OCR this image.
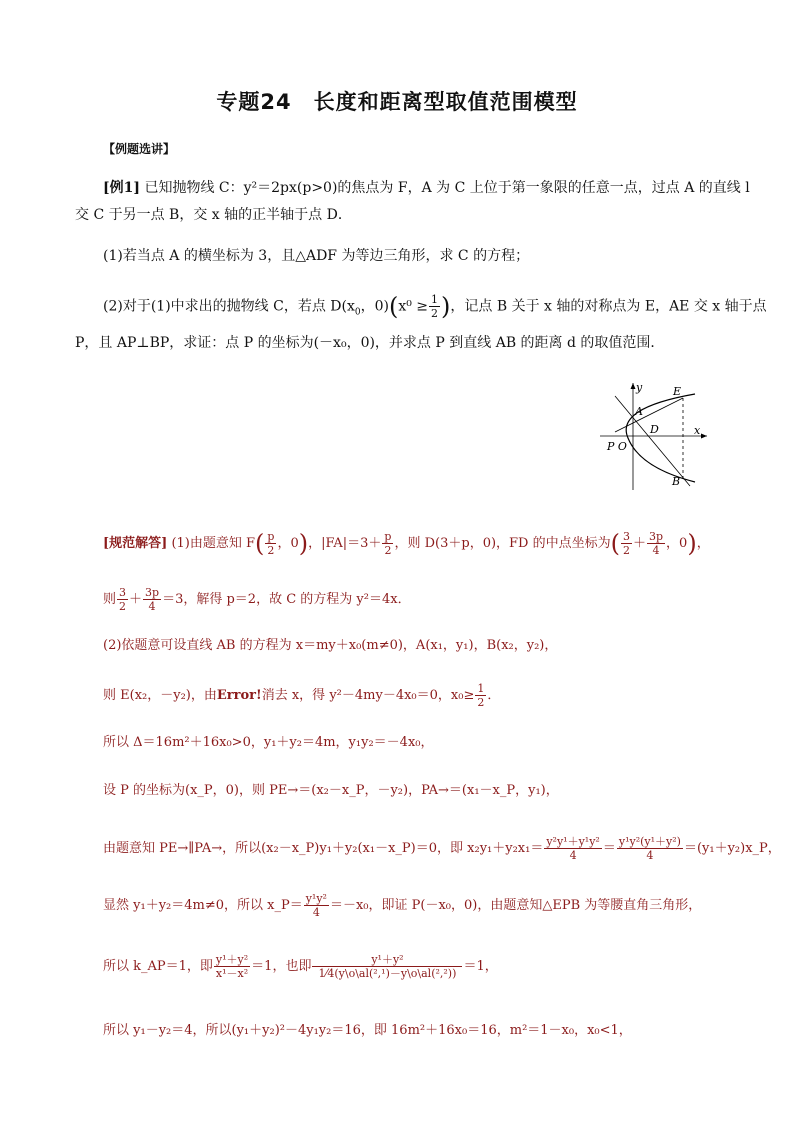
专题24　长度和距离型取值范围模型
【例题选讲】
[例1] 已知抛物线 C：y²＝2px(p>0)的焦点为 F，A 为 C 上位于第一象限的任意一点，过点 A 的直线 l
交 C 于另一点 B，交 x 轴的正半轴于点 D．
(1)若当点 A 的横坐标为 3，且△ADF 为等边三角形，求 C 的方程；
(2)对于(1)中求出的抛物线 C，若点 $D(x_0$，$0)(x^0 \ge \frac{1}{2}$ )，记点 B 关于 x 轴的对称点为 E，AE 交 x 轴于点
P，且 AP⊥BP，求证：点 P 的坐标为(－x₀，0)，并求点 P 到直线 AB 的距离 d 的取值范围．
y
x
E
A
D
P O
B
[规范解答] (1)由题意知 $F( \frac{p}{2}$ ，0)，$|FA|=3+ \frac{p}{2}$ ，则 D(3＋p，0)，FD 的中点坐标为( $\frac{3}{2} + \frac{3p}{4}$ ，0)，
则 $\frac{3}{2} + \frac{3p}{4} =3$，解得 p＝2，故 C 的方程为 y²＝4x．
(2)依题意可设直线 AB 的方程为 x＝my＋x₀(m≠0)，A(x₁，y₁)，B(x₂，y₂)，
则 E(x₂，－y₂)，由Error!消去 x，得 y²－4my－4x₀＝0，$x_0\ge \frac{1}{2}$ ．
所以 Δ＝16m²＋16x₀>0，y₁＋y₂＝4m，y₁y₂＝－4x₀，
设 P 的坐标为(x_P，0)，则 PE→＝(x₂－x_P，－y₂)，PA→＝(x₁－x_P，y₁)，
由题意知 PE→∥PA→，所以(x₂－x_P)y₁＋y₂(x₁－x_P)＝0，即 $x_2y_1+y_2x_1= \frac{\text{y²y¹＋y¹y²}}{4} = \frac{\text{y¹y²(y¹＋y²)}}{4}$ ＝(y₁＋y₂)x_P，
显然 y₁＋y₂＝4m≠0，所以 x_P＝ $\frac{\text{y¹y²}}{4} =-x_0$，即证 P(－x₀，0)，由题意知△EPB 为等腰直角三角形，
所以 k_AP＝1，即 $\frac{\text{y¹＋y²}}{\text{x¹－x²}} =1$，也即 $\frac{\text{y¹＋y²}}{\text{1⁄4(y\textbackslash{}o\textbackslash{}al(²,¹)－y\textbackslash{}o\textbackslash{}al(²,²))}} =1$，
所以 y₁－y₂＝4，所以(y₁＋y₂)²－4y₁y₂＝16，即 16m²＋16x₀＝16，m²＝1－x₀，x₀<1，
